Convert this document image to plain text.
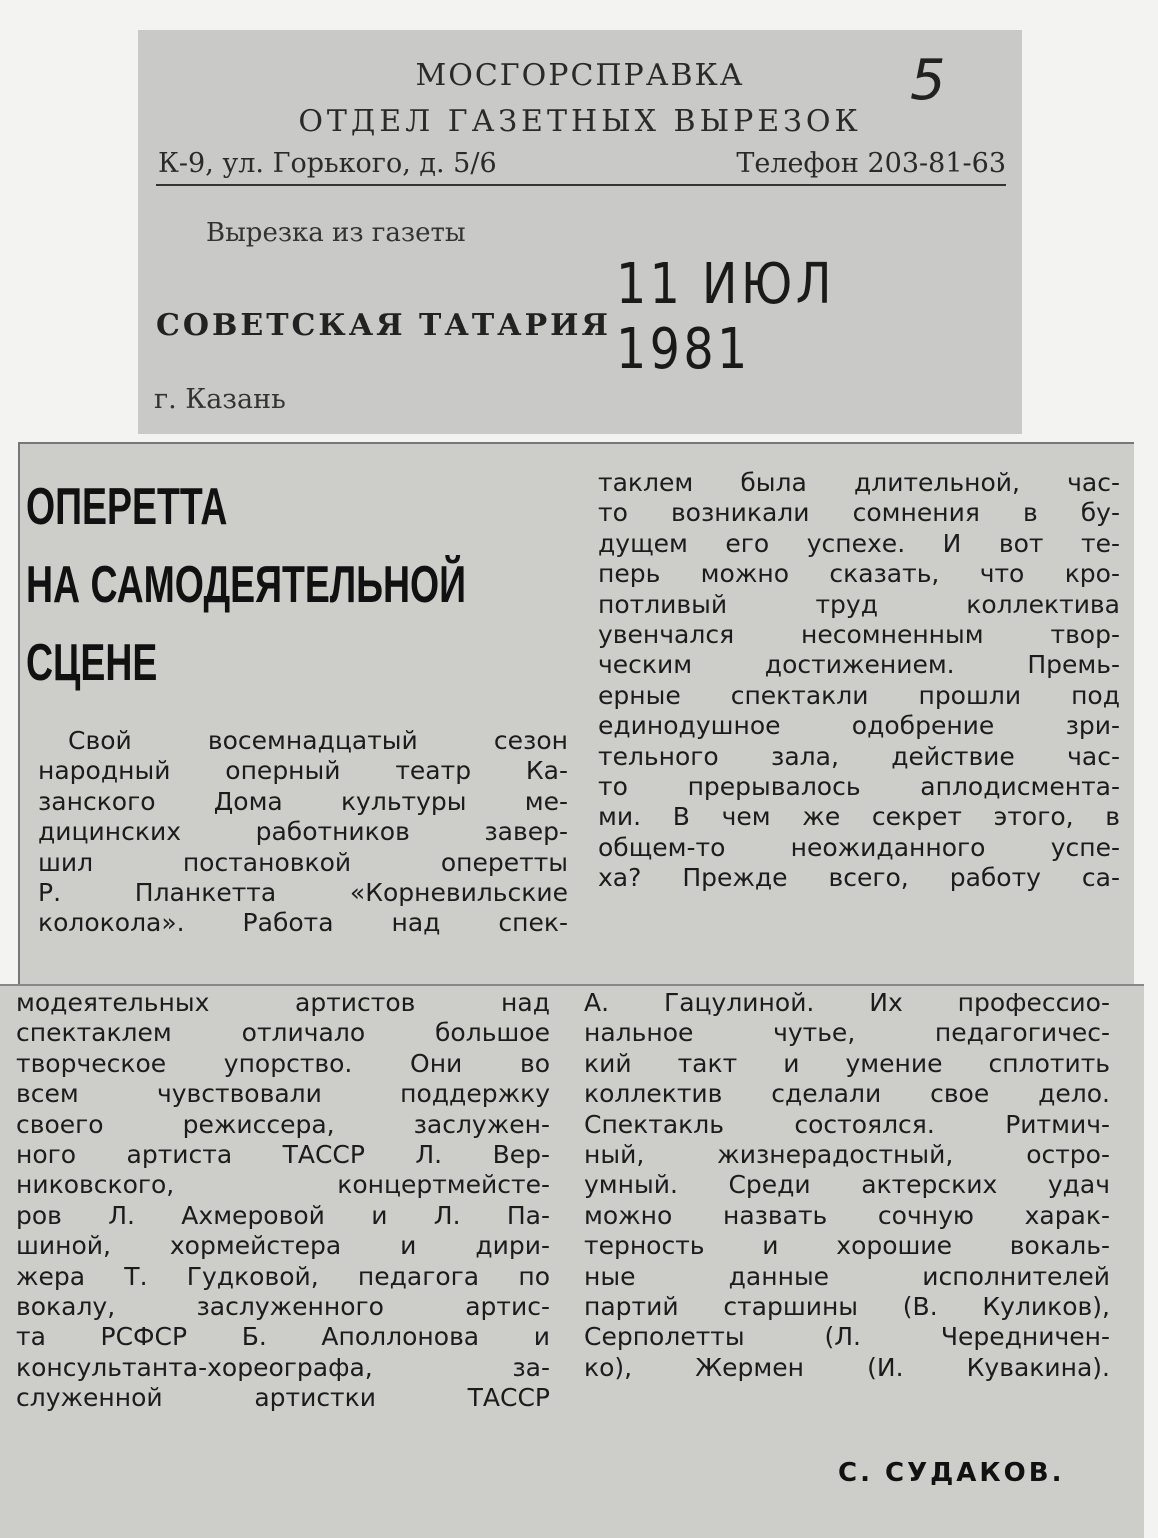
МОСГОРСПРАВКА
ОТДЕЛ ГАЗЕТНЫХ ВЫРЕЗОК
К-9, ул. Горького, д. 5/6	Телефон 203-81-63
Вырезка из газеты
СОВЕТСКАЯ ТАТАРИЯ
г. Казань
11 ИЮЛ 1981
5
ОПЕРЕТТА
НА САМОДЕЯТЕЛЬНОЙ
СЦЕНЕ
Свой восемнадцатый сезон
народный оперный театр Ка-
занского Дома культуры ме-
дицинских работников завер-
шил постановкой оперетты
Р. Планкетта «Корневильские
колокола». Работа над спек-
таклем была длительной, час-
то возникали сомнения в бу-
дущем его успехе. И вот те-
перь можно сказать, что кро-
потливый труд коллектива
увенчался несомненным твор-
ческим достижением. Премь-
ерные спектакли прошли под
единодушное одобрение зри-
тельного зала, действие час-
то прерывалось аплодисмента-
ми. В чем же секрет этого, в
общем-то неожиданного успе-
ха? Прежде всего, работу са-
модеятельных артистов над
спектаклем отличало большое
творческое упорство. Они во
всем чувствовали поддержку
своего режиссера, заслужен-
ного артиста ТАССР Л. Вер-
никовского, концертмейсте-
ров Л. Ахмеровой и Л. Па-
шиной, хормейстера и дири-
жера Т. Гудковой, педагога по
вокалу, заслуженного артис-
та РСФСР Б. Аполлонова и
консультанта-хореографа, за-
служенной артистки ТАССР
А. Гацулиной. Их профессио-
нальное чутье, педагогичес-
кий такт и умение сплотить
коллектив сделали свое дело.
Спектакль состоялся. Ритмич-
ный, жизнерадостный, остро-
умный. Среди актерских удач
можно назвать сочную харак-
терность и хорошие вокаль-
ные данные исполнителей
партий старшины (В. Куликов),
Серполетты (Л. Чередничен-
ко), Жермен (И. Кувакина).
С. СУДАКОВ.
